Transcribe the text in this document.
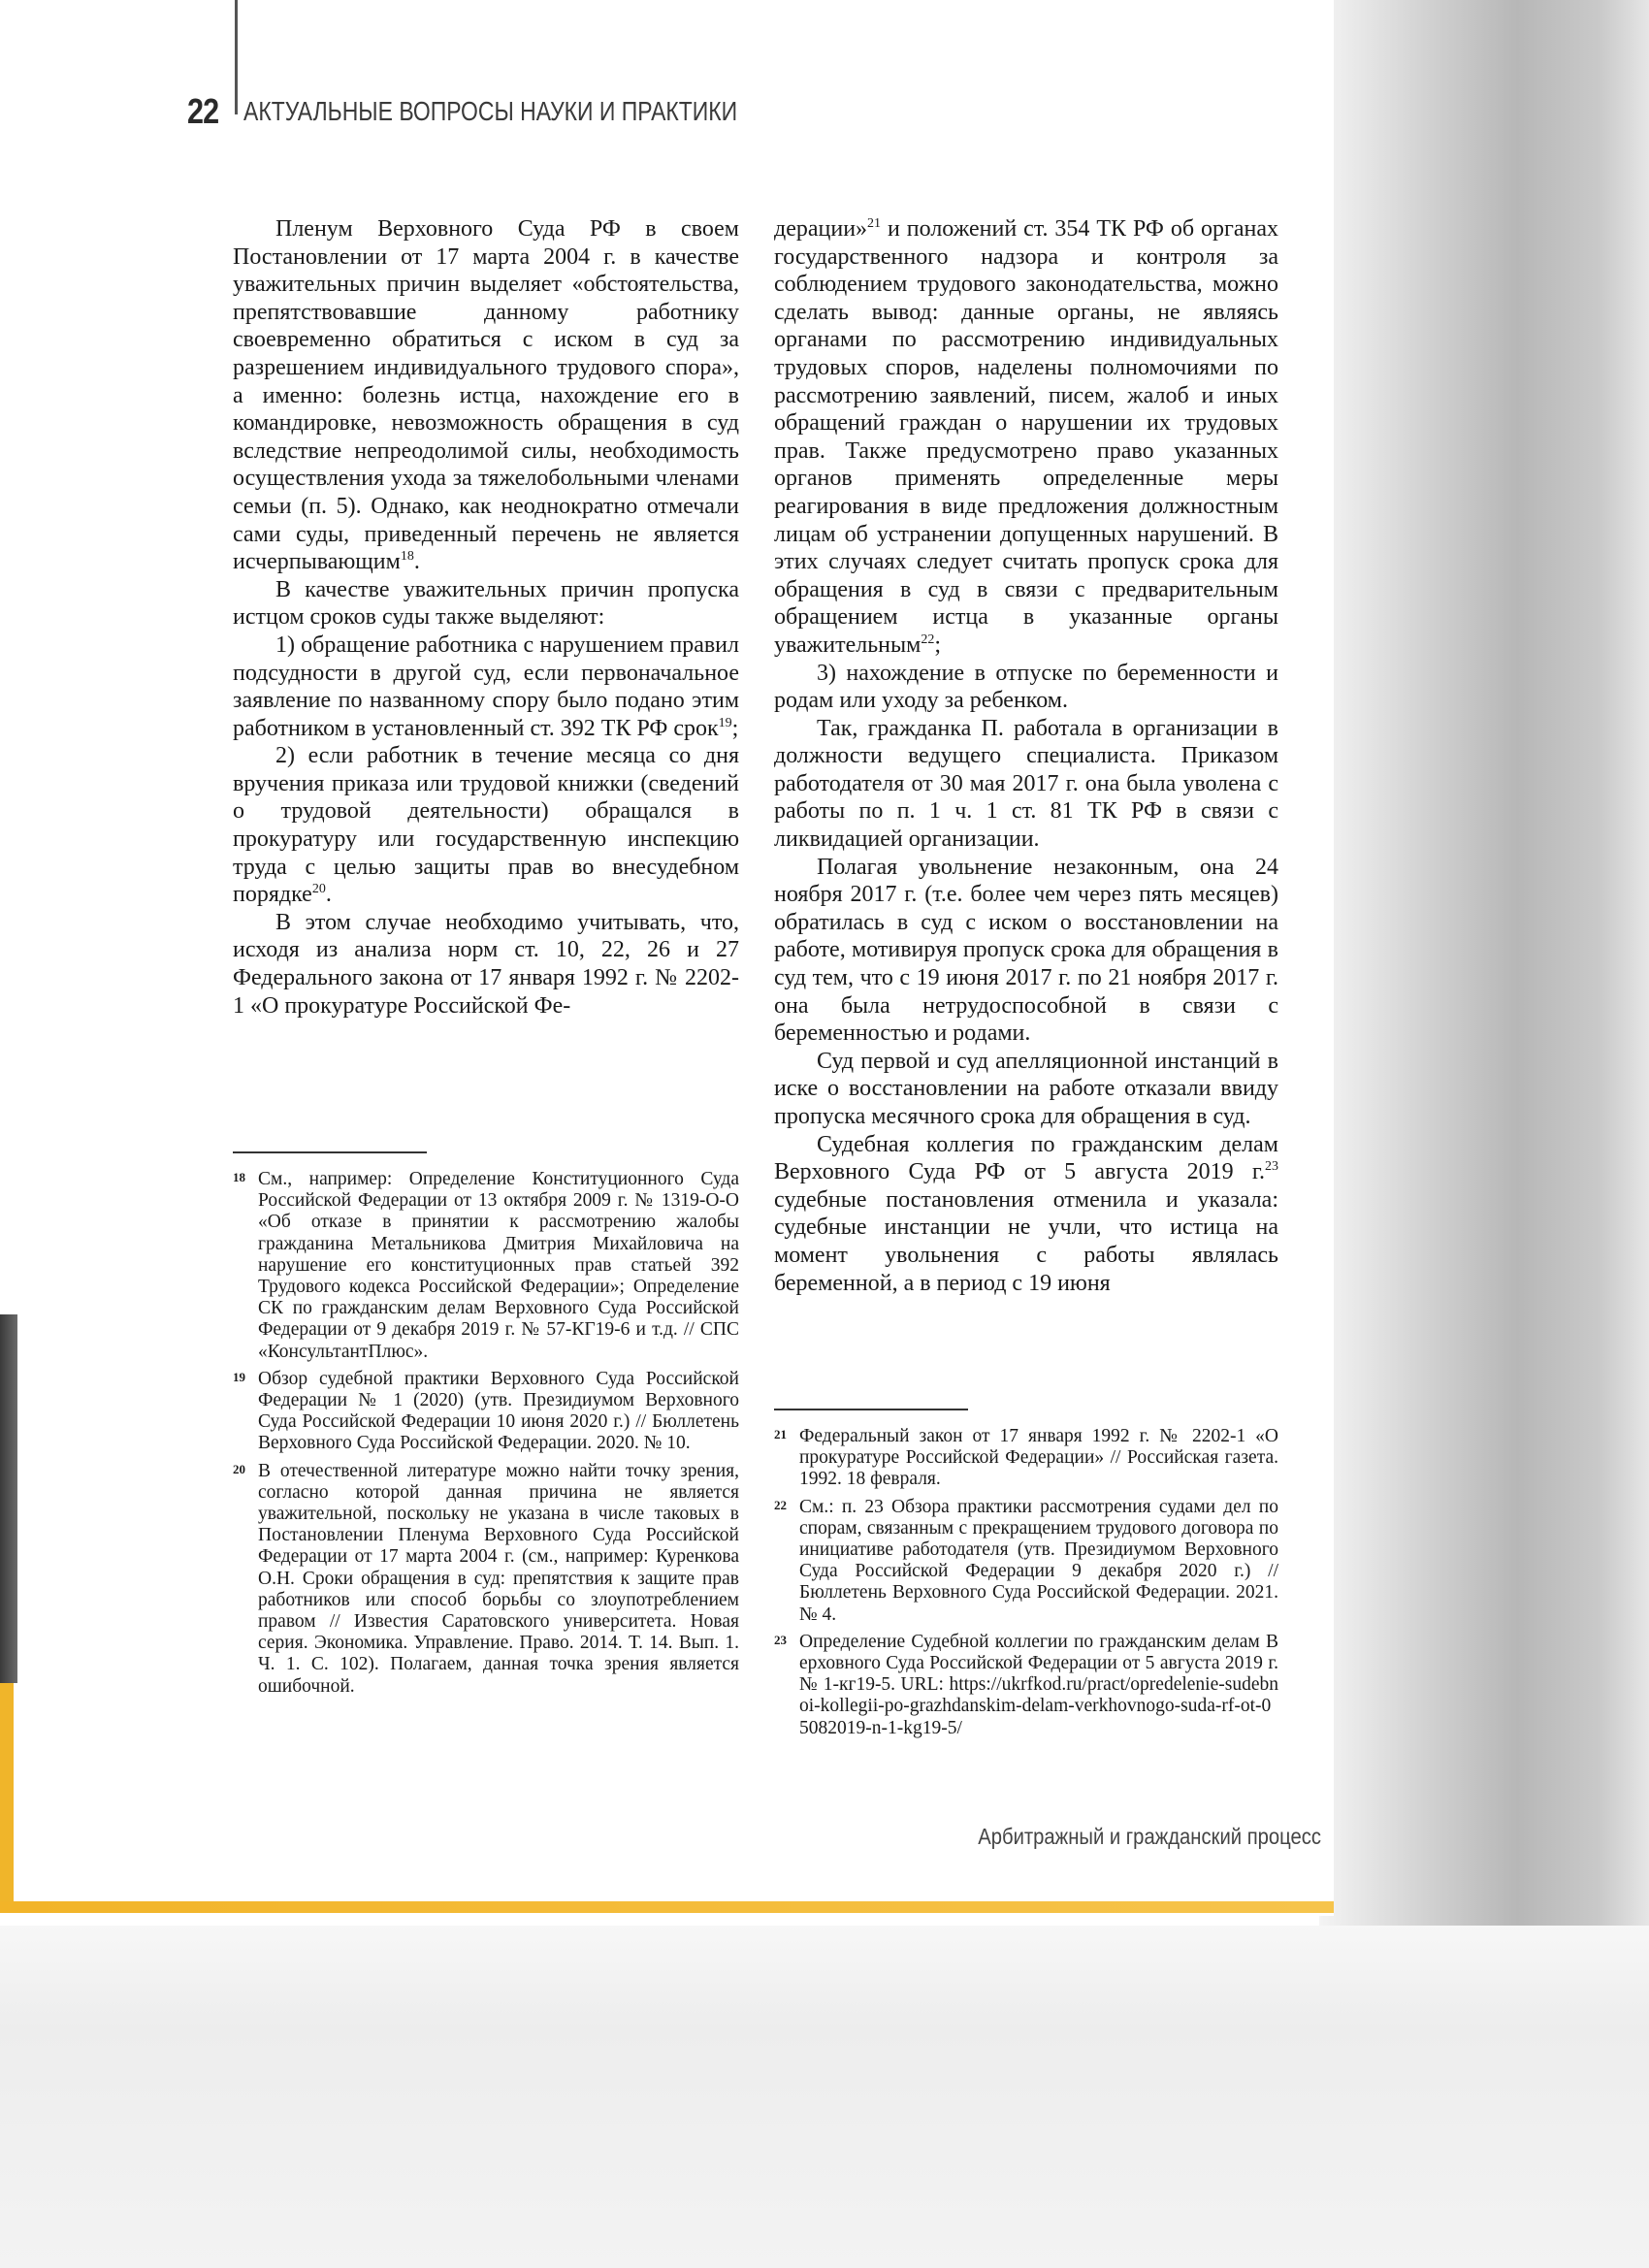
22 АКТУАЛЬНЫЕ ВОПРОСЫ НАУКИ И ПРАКТИКИ

Пленум Верховного Суда РФ в своем Постановлении от 17 марта 2004 г. в качестве уважительных причин выделяет «обстоятельства, препятствовавшие данному работнику своевременно обратиться с иском в суд за разрешением индивидуального трудового спора», а именно: болезнь истца, нахождение его в командировке, невозможность обращения в суд вследствие непреодолимой силы, необходимость осуществления ухода за тяжелобольными членами семьи (п. 5). Однако, как неоднократно отмечали сами суды, приведенный перечень не является исчерпывающим$^{18}$.

В качестве уважительных причин пропуска истцом сроков суды также выделяют:

1) обращение работника с нарушением правил подсудности в другой суд, если первоначальное заявление по названному спору было подано этим работником в установленный ст. 392 ТК РФ срок$^{19}$;

2) если работник в течение месяца со дня вручения приказа или трудовой книжки (сведений о трудовой деятельности) обращался в прокуратуру или государственную инспекцию труда с целью защиты прав во внесудебном порядке$^{20}$.

В этом случае необходимо учитывать, что, исходя из анализа норм ст. 10, 22, 26 и 27 Федерального закона от 17 января 1992 г. № 2202-1 «О прокуратуре Российской Фе-

18 См., например: Определение Конституционного Суда Российской Федерации от 13 октября 2009 г. № 1319-О-О «Об отказе в принятии к рассмотрению жалобы гражданина Метальникова Дмитрия Михайловича на нарушение его конституционных прав статьей 392 Трудового кодекса Российской Федерации»; Определение СК по гражданским делам Верховного Суда Российской Федерации от 9 декабря 2019 г. № 57-КГ19-6 и т.д. // СПС «КонсультантПлюс».
19 Обзор судебной практики Верховного Суда Российской Федерации № 1 (2020) (утв. Президиумом Верховного Суда Российской Федерации 10 июня 2020 г.) // Бюллетень Верховного Суда Российской Федерации. 2020. № 10.
20 В отечественной литературе можно найти точку зрения, согласно которой данная причина не является уважительной, поскольку не указана в числе таковых в Постановлении Пленума Верховного Суда Российской Федерации от 17 марта 2004 г. (см., например: Куренкова О.Н. Сроки обращения в суд: препятствия к защите прав работников или способ борьбы со злоупотреблением правом // Известия Саратовского университета. Новая серия. Экономика. Управление. Право. 2014. Т. 14. Вып. 1. Ч. 1. С. 102). Полагаем, данная точка зрения является ошибочной.

дерации»$^{21}$ и положений ст. 354 ТК РФ об органах государственного надзора и контроля за соблюдением трудового законодательства, можно сделать вывод: данные органы, не являясь органами по рассмотрению индивидуальных трудовых споров, наделены полномочиями по рассмотрению заявлений, писем, жалоб и иных обращений граждан о нарушении их трудовых прав. Также предусмотрено право указанных органов применять определенные меры реагирования в виде предложения должностным лицам об устранении допущенных нарушений. В этих случаях следует считать пропуск срока для обращения в суд в связи с предварительным обращением истца в указанные органы уважительным$^{22}$;

3) нахождение в отпуске по беременности и родам или уходу за ребенком.

Так, гражданка П. работала в организации в должности ведущего специалиста. Приказом работодателя от 30 мая 2017 г. она была уволена с работы по п. 1 ч. 1 ст. 81 ТК РФ в связи с ликвидацией организации.

Полагая увольнение незаконным, она 24 ноября 2017 г. (т.е. более чем через пять месяцев) обратилась в суд с иском о восстановлении на работе, мотивируя пропуск срока для обращения в суд тем, что с 19 июня 2017 г. по 21 ноября 2017 г. она была нетрудоспособной в связи с беременностью и родами.

Суд первой и суд апелляционной инстанций в иске о восстановлении на работе отказали ввиду пропуска месячного срока для обращения в суд.

Судебная коллегия по гражданским делам Верховного Суда РФ от 5 августа 2019 г.$^{23}$ судебные постановления отменила и указала: судебные инстанции не учли, что истица на момент увольнения с работы являлась беременной, а в период с 19 июня

21 Федеральный закон от 17 января 1992 г. № 2202-1 «О прокуратуре Российской Федерации» // Российская газета. 1992. 18 февраля.
22 См.: п. 23 Обзора практики рассмотрения судами дел по спорам, связанным с прекращением трудового договора по инициативе работодателя (утв. Президиумом Верховного Суда Российской Федерации 9 декабря 2020 г.) // Бюллетень Верховного Суда Российской Федерации. 2021. № 4.
23 Определение Судебной коллегии по гражданским делам Верховного Суда Российской Федерации от 5 августа 2019 г. № 1-кг19-5. URL: https://ukrfkod.ru/pract/opredelenie-sudebnoi-kollegii-po-grazhdanskim-delam-verkhovnogo-suda-rf-ot-05082019-n-1-kg19-5/
Арбитражный и гражданский процесс
